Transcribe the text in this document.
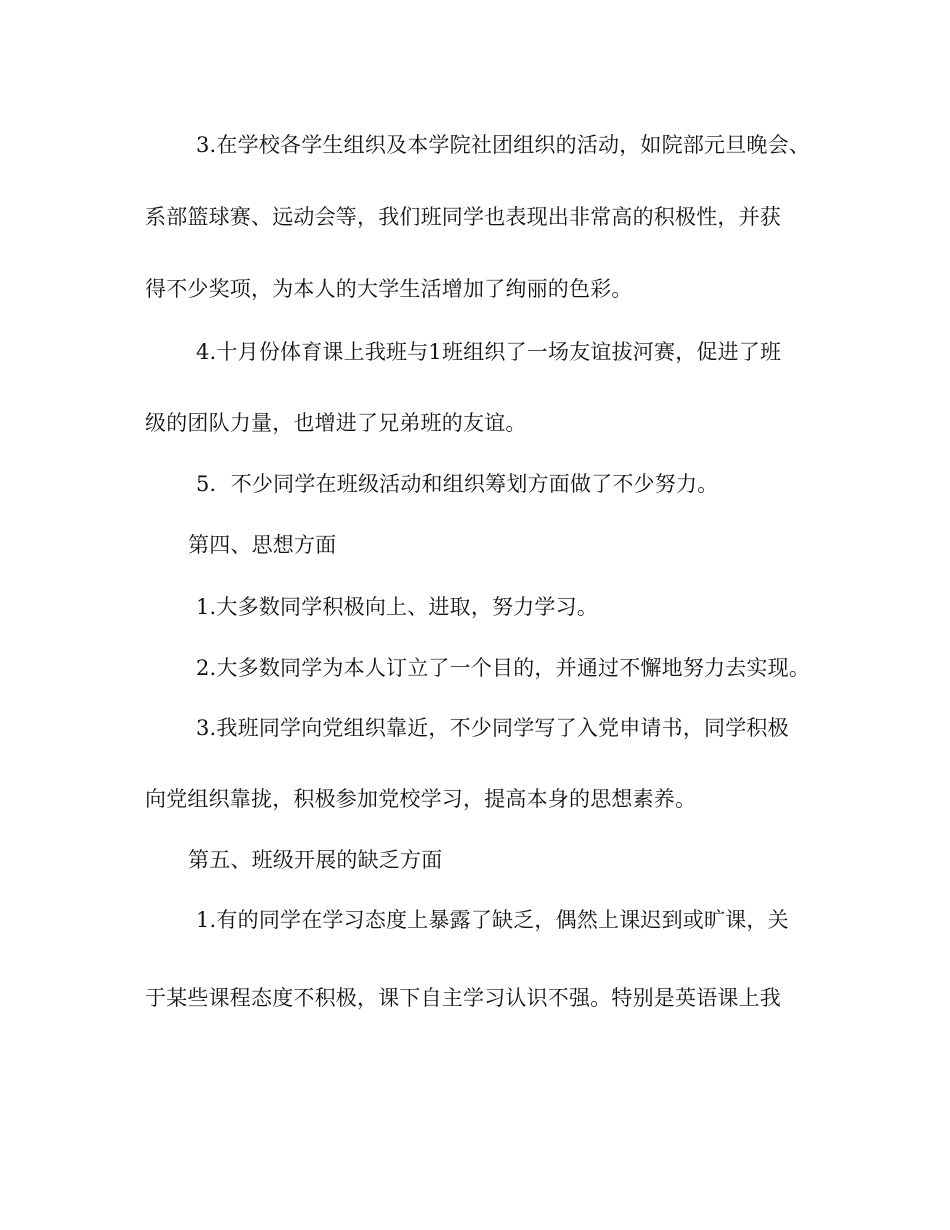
3.在学校各学生组织及本学院社团组织的活动，如院部元旦晚会、

系部篮球赛、远动会等，我们班同学也表现出非常高的积极性，并获

得不少奖项，为本人的大学生活增加了绚丽的色彩。

4.十月份体育课上我班与1班组织了一场友谊拔河赛，促进了班

级的团队力量，也增进了兄弟班的友谊。

5．不少同学在班级活动和组织筹划方面做了不少努力。

第四、思想方面

1.大多数同学积极向上、进取，努力学习。

2.大多数同学为本人订立了一个目的，并通过不懈地努力去实现。

3.我班同学向党组织靠近，不少同学写了入党申请书，同学积极

向党组织靠拢，积极参加党校学习，提高本身的思想素养。

第五、班级开展的缺乏方面

1.有的同学在学习态度上暴露了缺乏，偶然上课迟到或旷课，关

于某些课程态度不积极，课下自主学习认识不强。特别是英语课上我
